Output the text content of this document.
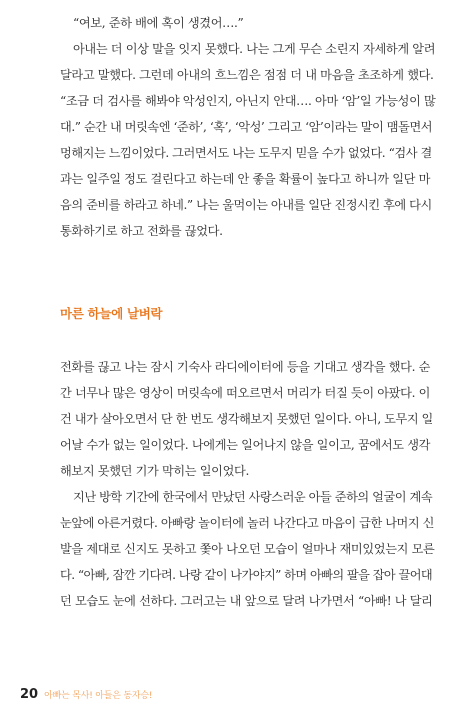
“여보, 준하 배에 혹이 생겼어….”
아내는 더 이상 말을 잇지 못했다. 나는 그게 무슨 소린지 자세하게 알려
달라고 말했다. 그런데 아내의 흐느낌은 점점 더 내 마음을 초조하게 했다.
“조금 더 검사를 해봐야 악성인지, 아닌지 안대…. 아마 ‘암’일 가능성이 많
대.” 순간 내 머릿속엔 ‘준하’, ‘혹’, ‘악성’ 그리고 ‘암’이라는 말이 맴돌면서
멍해지는 느낌이었다. 그러면서도 나는 도무지 믿을 수가 없었다. “검사 결
과는 일주일 정도 걸린다고 하는데 안 좋을 확률이 높다고 하니까 일단 마
음의 준비를 하라고 하네.” 나는 울먹이는 아내를 일단 진정시킨 후에 다시
통화하기로 하고 전화를 끊었다.
마른 하늘에 날벼락
전화를 끊고 나는 잠시 기숙사 라디에이터에 등을 기대고 생각을 했다. 순
간 너무나 많은 영상이 머릿속에 떠오르면서 머리가 터질 듯이 아팠다. 이
건 내가 살아오면서 단 한 번도 생각해보지 못했던 일이다. 아니, 도무지 일
어날 수가 없는 일이었다. 나에게는 일어나지 않을 일이고, 꿈에서도 생각
해보지 못했던 기가 막히는 일이었다.
지난 방학 기간에 한국에서 만났던 사랑스러운 아들 준하의 얼굴이 계속
눈앞에 아른거렸다. 아빠랑 놀이터에 놀러 나간다고 마음이 급한 나머지 신
발을 제대로 신지도 못하고 쫓아 나오던 모습이 얼마나 재미있었는지 모른
다. “아빠, 잠깐 기다려. 나랑 같이 나가야지” 하며 아빠의 팔을 잡아 끌어대
던 모습도 눈에 선하다. 그러고는 내 앞으로 달려 나가면서 “아빠! 나 달리
20 아빠는 목사! 아들은 동자승!
